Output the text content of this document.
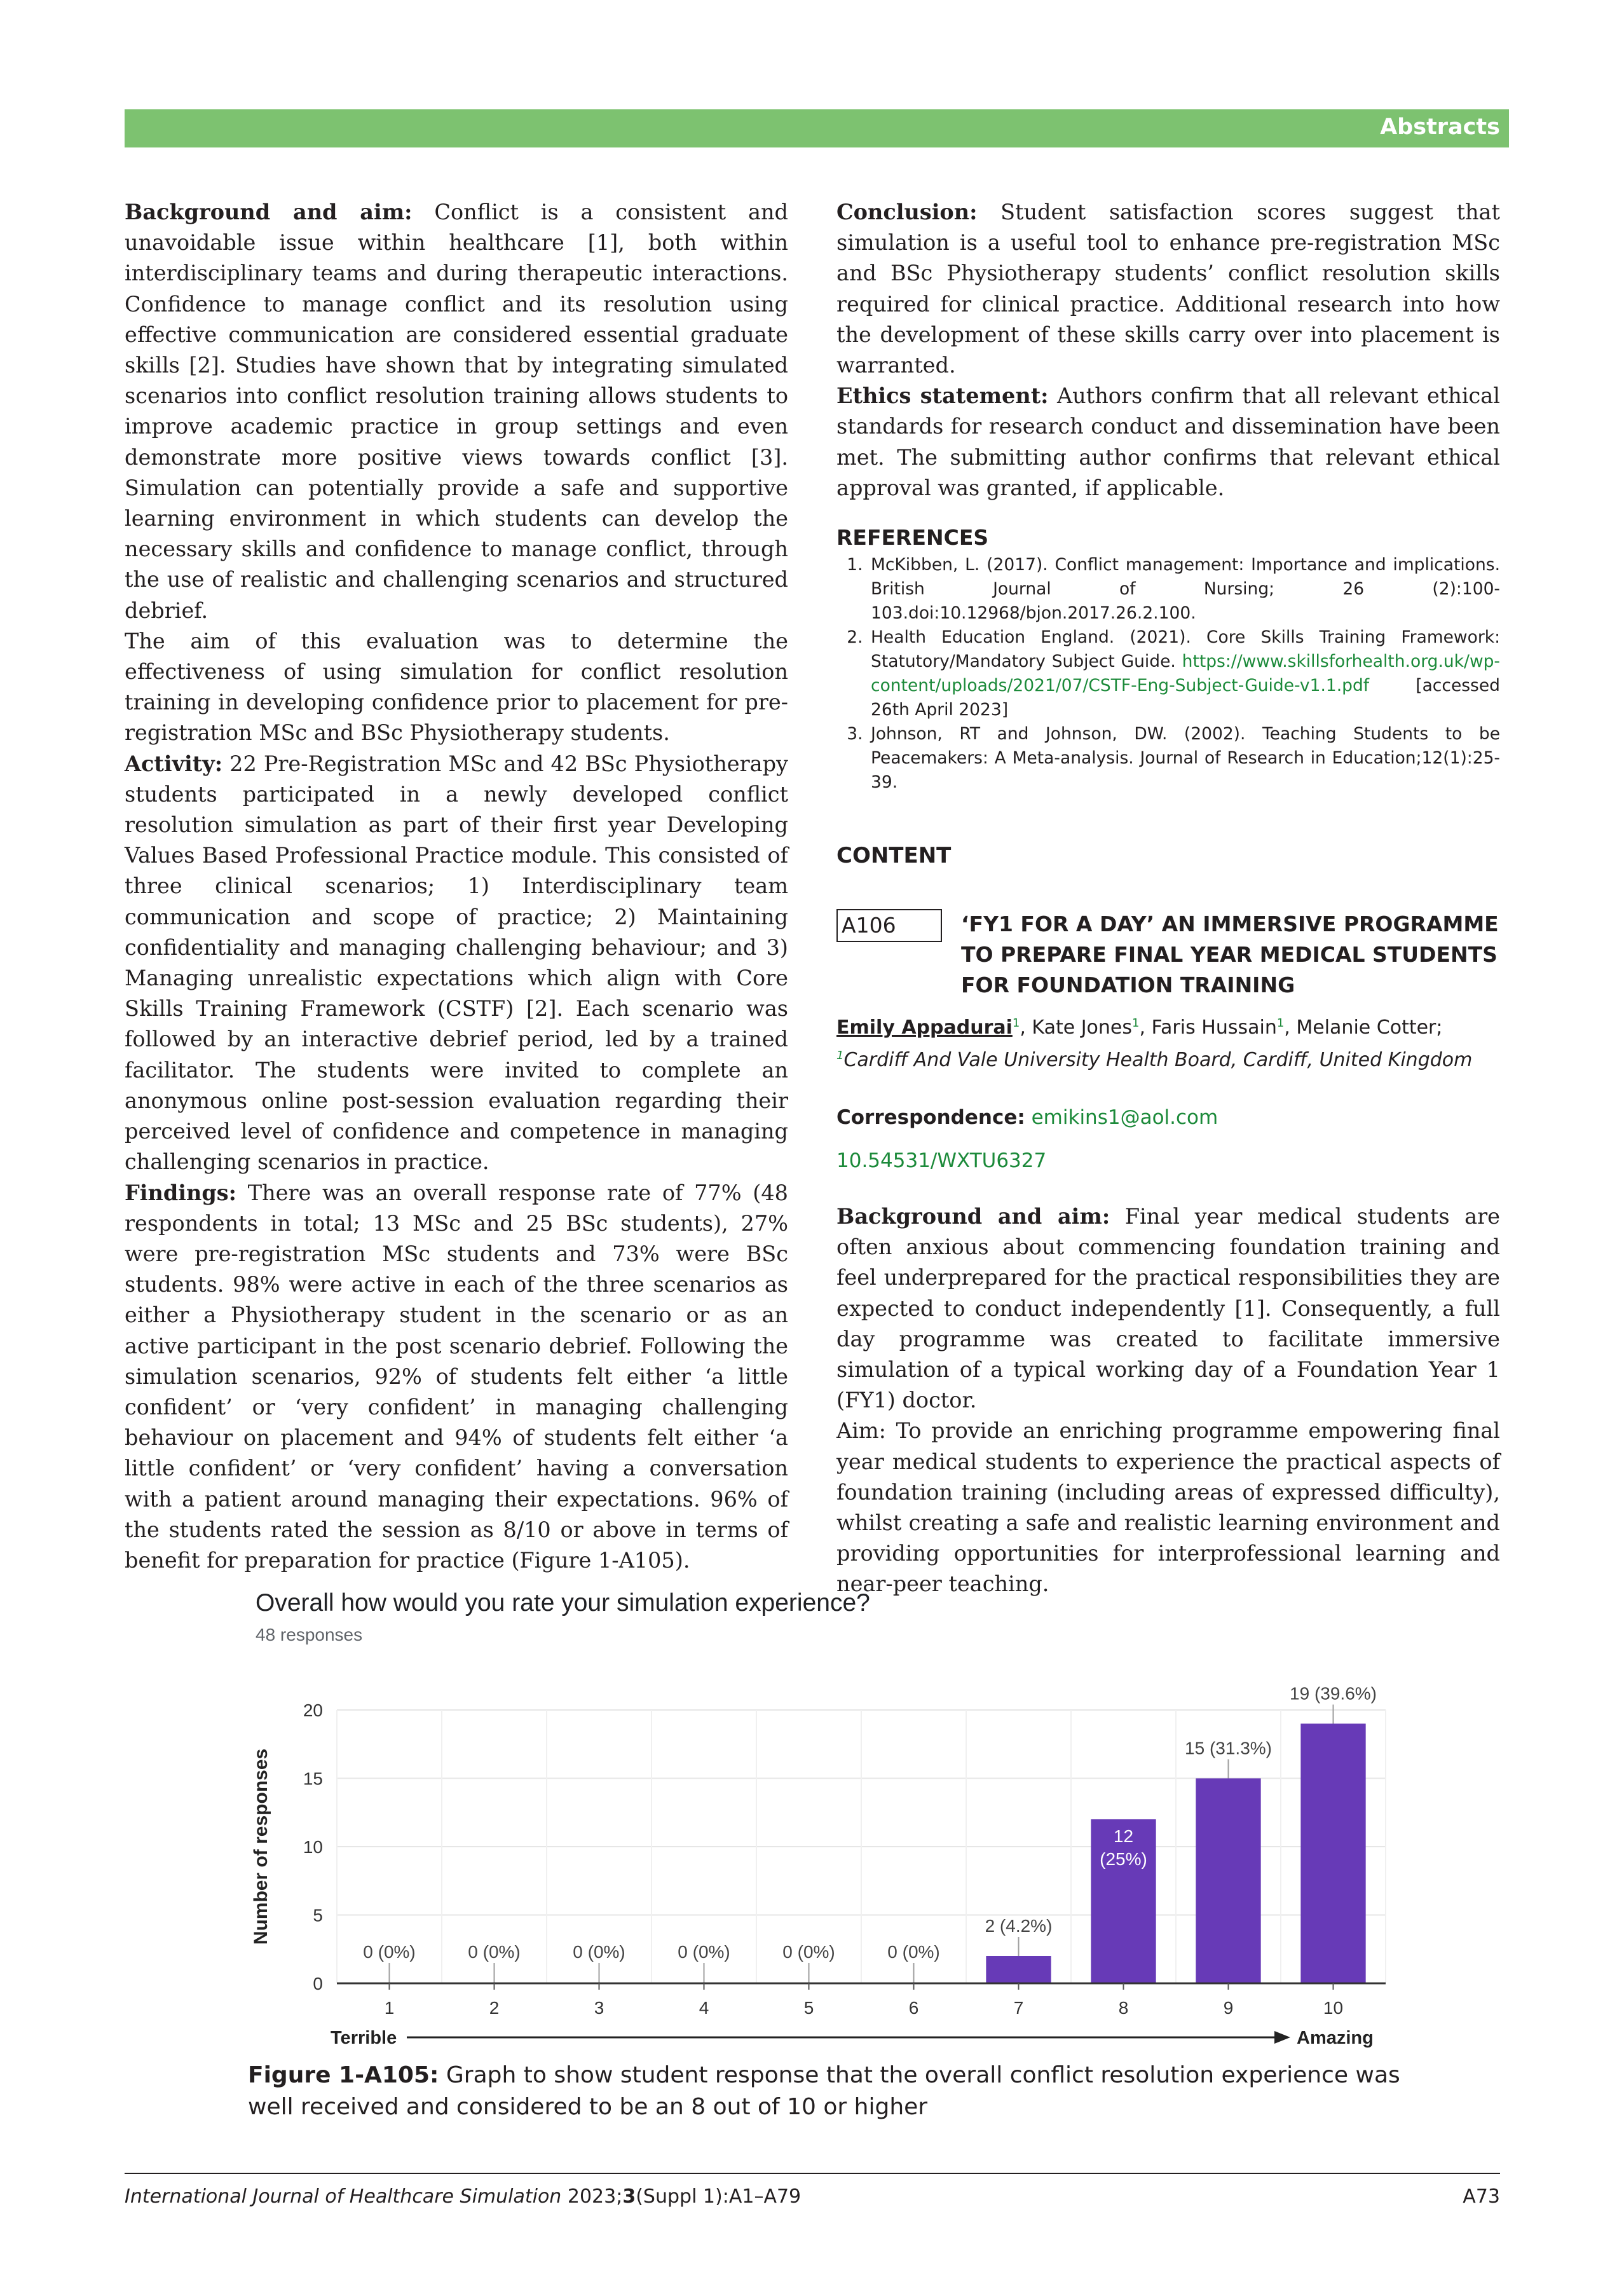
Abstracts

Background and aim: Conflict is a consistent and unavoidable issue within healthcare [1], both within interdisciplinary teams and during therapeutic interactions. Confidence to manage conflict and its resolution using effective communication are considered essential graduate skills [2]. Studies have shown that by integrating simulated scenarios into conflict resolution training allows students to improve academic practice in group settings and even demonstrate more positive views towards conflict [3]. Simulation can potentially provide a safe and supportive learning environment in which students can develop the necessary skills and confidence to manage conflict, through the use of realistic and challenging scenarios and structured debrief.

The aim of this evaluation was to determine the effectiveness of using simulation for conflict resolution training in developing confidence prior to placement for pre-registration MSc and BSc Physiotherapy students.

Activity: 22 Pre-Registration MSc and 42 BSc Physiotherapy students participated in a newly developed conflict resolution simulation as part of their first year Developing Values Based Professional Practice module. This consisted of three clinical scenarios; 1) Interdisciplinary team communication and scope of practice; 2) Maintaining confidentiality and managing challenging behaviour; and 3) Managing unrealistic expectations which align with Core Skills Training Framework (CSTF) [2]. Each scenario was followed by an interactive debrief period, led by a trained facilitator. The students were invited to complete an anonymous online post-session evaluation regarding their perceived level of confidence and competence in managing challenging scenarios in practice.

Findings: There was an overall response rate of 77% (48 respondents in total; 13 MSc and 25 BSc students), 27% were pre-registration MSc students and 73% were BSc students. 98% were active in each of the three scenarios as either a Physiotherapy student in the scenario or as an active participant in the post scenario debrief. Following the simulation scenarios, 92% of students felt either ‘a little confident’ or ‘very confident’ in managing challenging behaviour on placement and 94% of students felt either ‘a little confident’ or ‘very confident’ having a conversation with a patient around managing their expectations. 96% of the students rated the session as 8/10 or above in terms of benefit for preparation for practice (Figure 1-A105).

Conclusion: Student satisfaction scores suggest that simulation is a useful tool to enhance pre-registration MSc and BSc Physiotherapy students’ conflict resolution skills required for clinical practice. Additional research into how the development of these skills carry over into placement is warranted.

Ethics statement: Authors confirm that all relevant ethical standards for research conduct and dissemination have been met. The submitting author confirms that relevant ethical approval was granted, if applicable.

REFERENCES
1. McKibben, L. (2017). Conflict management: Importance and implications. British Journal of Nursing; 26 (2):100-103.doi:10.12968/bjon.2017.26.2.100.
2. Health Education England. (2021). Core Skills Training Framework: Statutory/Mandatory Subject Guide. https://www.skillsforhealth.org.uk/wp-content/uploads/2021/07/CSTF-Eng-Subject-Guide-v1.1.pdf	[accessed 26th April 2023]
3. Johnson, RT and Johnson, DW. (2002). Teaching Students to be Peacemakers: A Meta-analysis. Journal of Research in Education;12(1):25-39.
CONTENT
A106	‘FY1 FOR A DAY’ AN IMMERSIVE PROGRAMME TO PREPARE FINAL YEAR MEDICAL STUDENTS FOR FOUNDATION TRAINING
Emily Appadurai$^1$, Kate Jones$^1$, Faris Hussain$^1$, Melanie Cotter;
$^1$Cardiff And Vale University Health Board, Cardiff, United Kingdom
Correspondence: emikins1@aol.com
10.54531/WXTU6327

Background and aim: Final year medical students are often anxious about commencing foundation training and feel underprepared for the practical responsibilities they are expected to conduct independently [1]. Consequently, a full day programme was created to facilitate immersive simulation of a typical working day of a Foundation Year 1 (FY1) doctor.

Aim: To provide an enriching programme empowering final year medical students to experience the practical aspects of foundation training (including areas of expressed difficulty), whilst creating a safe and realistic learning environment and providing opportunities for interprofessional learning and near-peer teaching.

Overall how would you rate your simulation experience?
48 responses
0 (0%)	0 (0%)	0 (0%)	0 (0%)	0 (0%)	0 (0%)
2 (4.2%)
12
(25%)
15 (31.3%)
19 (39.6%)
0
5
10
15
20
1	2	3	4	5	6	7	8	9	10
Number of responses
Terrible	Amazing
Figure 1-A105: Graph to show student response that the overall conflict resolution experience was well received and considered to be an 8 out of 10 or higher
International Journal of Healthcare Simulation 2023;3(Suppl 1):A1–A79	A73
